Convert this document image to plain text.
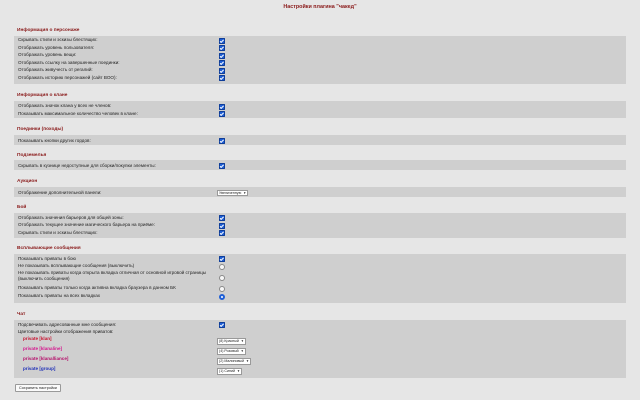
Настройки плагина "чакед"
Информация о персонаже
Скрывать стили и эскизы блестящих:
Отображать уровень пользователя:
Отображать уровень вещи:
Отображать ссылку на завершенные поединки:
Отображать живучесть от регалий:
Отображать историю персонажей (сайт ВОО):
Информация о клане
Отображать значок клана у всех не членов:
Показывать максимальное количество человек в клане:
Поединки (походы)
Показывать кнопки других гордов:
Подземелья
Скрывать в кузнице недоступные для сборки/покупки элементы:
Аукцион
Отображение дополнительной панели:	Увеличенную ▼
Бой
Отображать значения барьеров для общей зоны:
Отображать текущее значение магического барьера на приёме:
Скрывать стили и эскизы блестящих:
Всплывающие сообщения
Показывать приваты в бою
Не показывать всплывающие сообщения (выключить)
Не показывать приваты когда открыта вкладка отличная от основной игровой страницы (выключить сообщения)
Показывать приваты только когда активна вкладка браузера в данном БК
Показывать приваты на всех вкладках
Чат
Подсвечивать адресованные мне сообщения:
Цветовые настройки отображения приватов:
private [klan]	(8) Красный ▼
private [klanaline]	(4) Розовый ▼
private [klanalliance]	(2) Малиновый ▼
private [group]	(1) Синий ▼
Сохранить настройки
